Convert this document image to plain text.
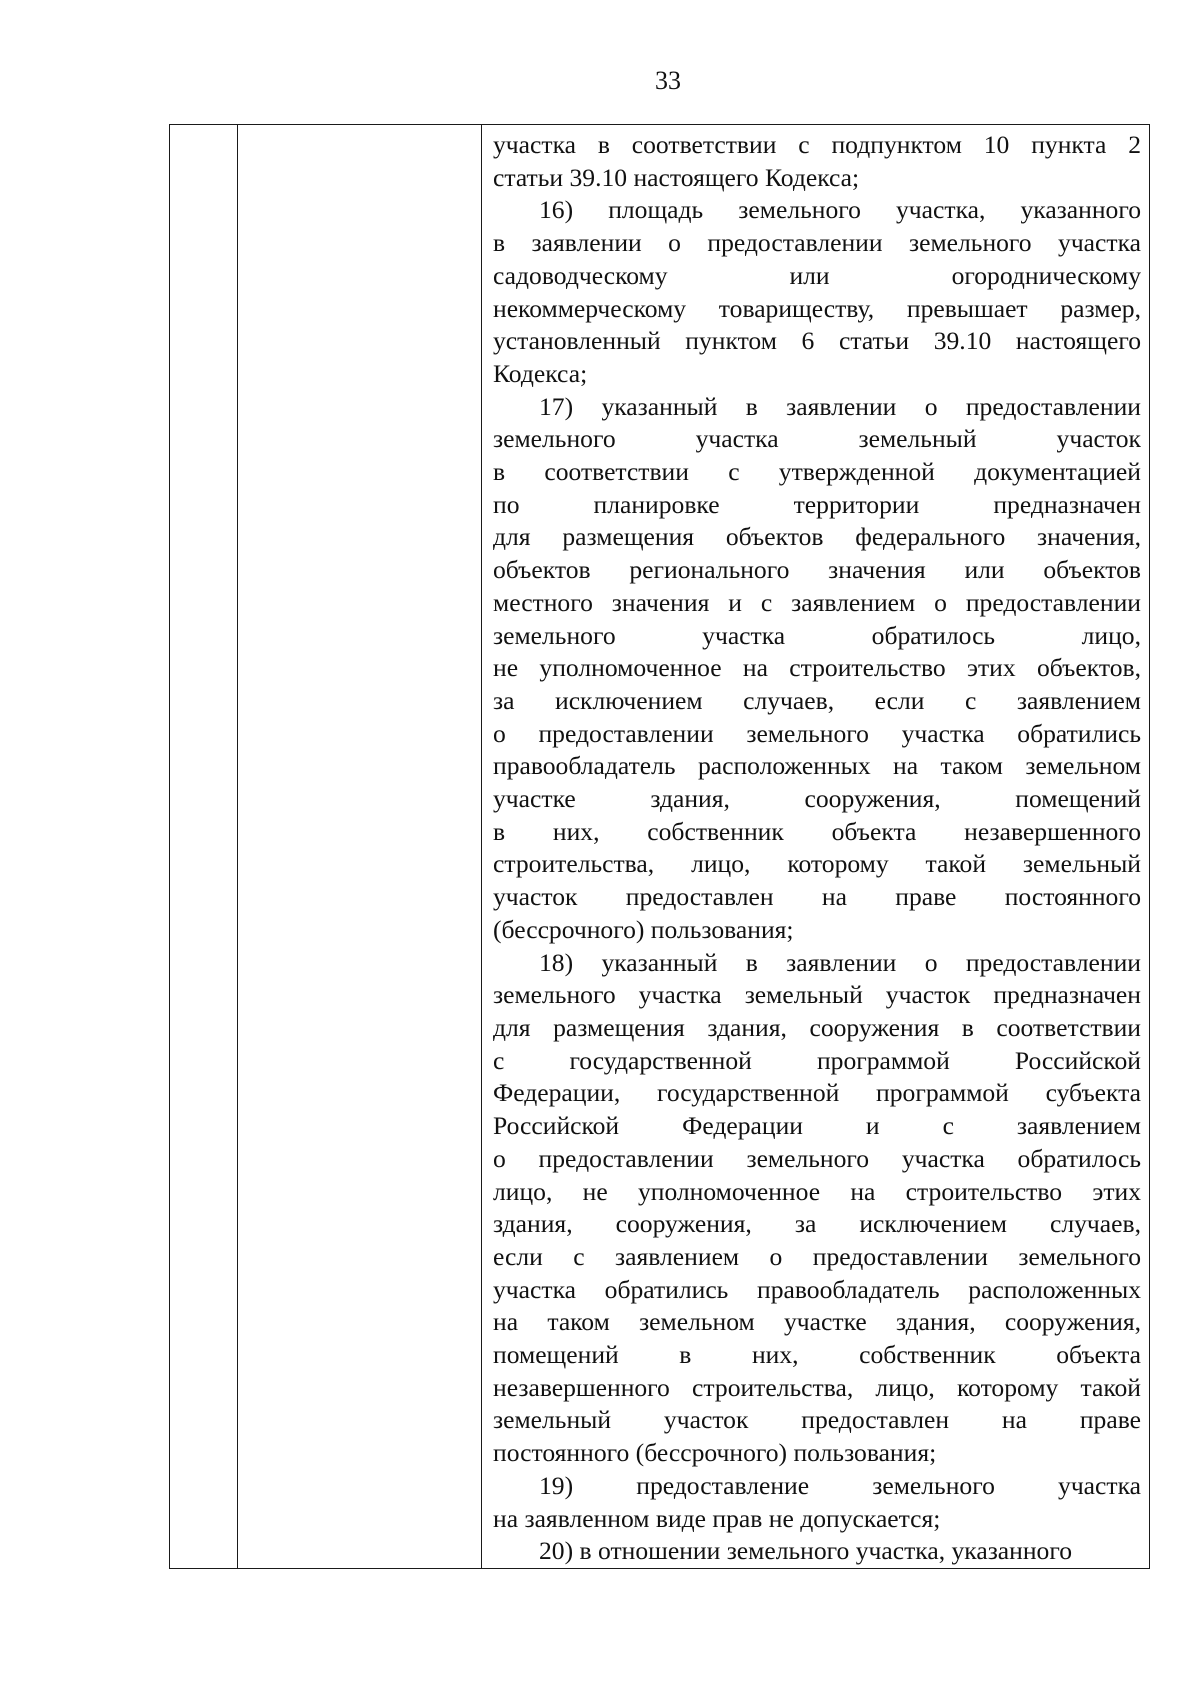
33

участка в соответствии с подпунктом 10 пункта 2
статьи 39.10 настоящего Кодекса;

16) площадь земельного участка, указанного
в заявлении о предоставлении земельного участка
садоводческому или огородническому
некоммерческому товариществу, превышает размер,
установленный пунктом 6 статьи 39.10 настоящего
Кодекса;

17) указанный в заявлении о предоставлении
земельного участка земельный участок
в соответствии с утвержденной документацией
по планировке территории предназначен
для размещения объектов федерального значения,
объектов регионального значения или объектов
местного значения и с заявлением о предоставлении
земельного участка обратилось лицо,
не уполномоченное на строительство этих объектов,
за исключением случаев, если с заявлением
о предоставлении земельного участка обратились
правообладатель расположенных на таком земельном
участке здания, сооружения, помещений
в них, собственник объекта незавершенного
строительства, лицо, которому такой земельный
участок предоставлен на праве постоянного
(бессрочного) пользования;

18) указанный в заявлении о предоставлении
земельного участка земельный участок предназначен
для размещения здания, сооружения в соответствии
с государственной программой Российской
Федерации, государственной программой субъекта
Российской Федерации и с заявлением
о предоставлении земельного участка обратилось
лицо, не уполномоченное на строительство этих
здания, сооружения, за исключением случаев,
если с заявлением о предоставлении земельного
участка обратились правообладатель расположенных
на таком земельном участке здания, сооружения,
помещений в них, собственник объекта
незавершенного строительства, лицо, которому такой
земельный участок предоставлен на праве
постоянного (бессрочного) пользования;

19) предоставление земельного участка
на заявленном виде прав не допускается;

20) в отношении земельного участка, указанного
